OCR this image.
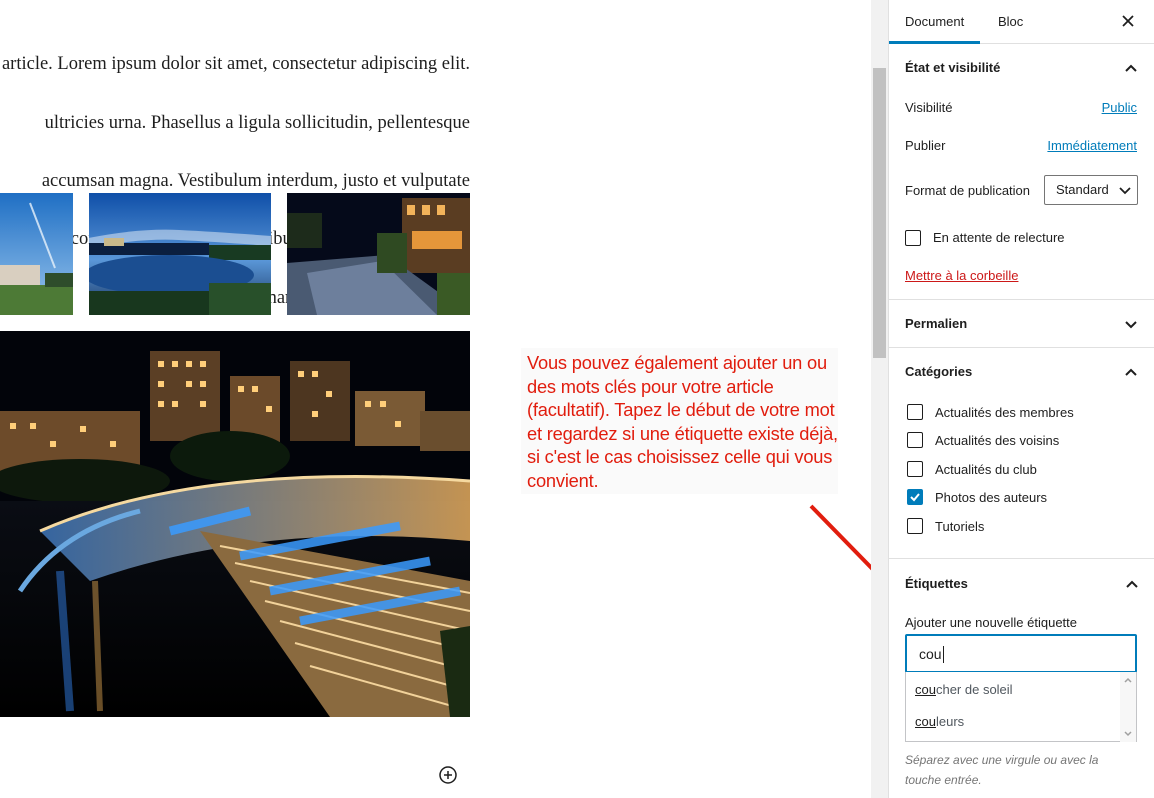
article. Lorem ipsum dolor sit amet, consectetur adipiscing elit.

ultricies urna. Phasellus a ligula sollicitudin, pellentesque

accumsan magna. Vestibulum interdum, justo et vulputate

vestibulum

nam

Vous pouvez également ajouter un ou des mots clés pour votre article (facultatif). Tapez le début de votre mot et regardez si une étiquette existe déjà, si c'est le cas choisissez celle qui vous convient.
Document	Bloc
État et visibilité
Visibilité	Public
Publier	Immédiatement
Format de publication	Standard
En attente de relecture
Mettre à la corbeille
Permalien
Catégories
Actualités des membres
Actualités des voisins
Actualités du club
Photos des auteurs
Tutoriels
Étiquettes
Ajouter une nouvelle étiquette
cou
coucher de soleil
couleurs
Séparez avec une virgule ou avec la touche entrée.
